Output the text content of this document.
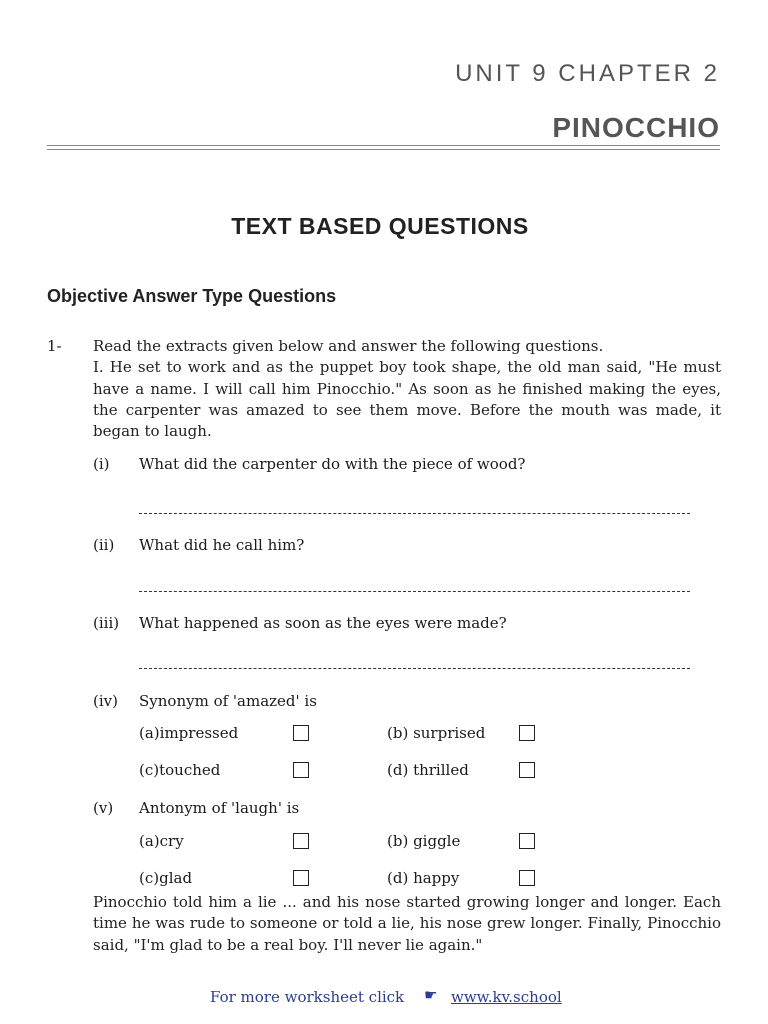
UNIT 9 CHAPTER 2
PINOCCHIO
TEXT BASED QUESTIONS
Objective Answer Type Questions
1- Read the extracts given below and answer the following questions.
I. He set to work and as the puppet boy took shape, the old man said, "He must have a name. I will call him Pinocchio." As soon as he finished making the eyes, the carpenter was amazed to see them move. Before the mouth was made, it began to laugh.
(i) What did the carpenter do with the piece of wood?
(ii) What did he call him?
(iii) What happened as soon as the eyes were made?
(iv) Synonym of 'amazed' is
(a)impressed	(b) surprised
(c)touched	(d) thrilled
(v) Antonym of 'laugh' is
(a)cry	(b) giggle
(c)glad	(d) happy
Pinocchio told him a lie ... and his nose started growing longer and longer. Each time he was rude to someone or told a lie, his nose grew longer. Finally, Pinocchio said, "I'm glad to be a real boy. I'll never lie again."
For more worksheet click ☛ www.kv.school
